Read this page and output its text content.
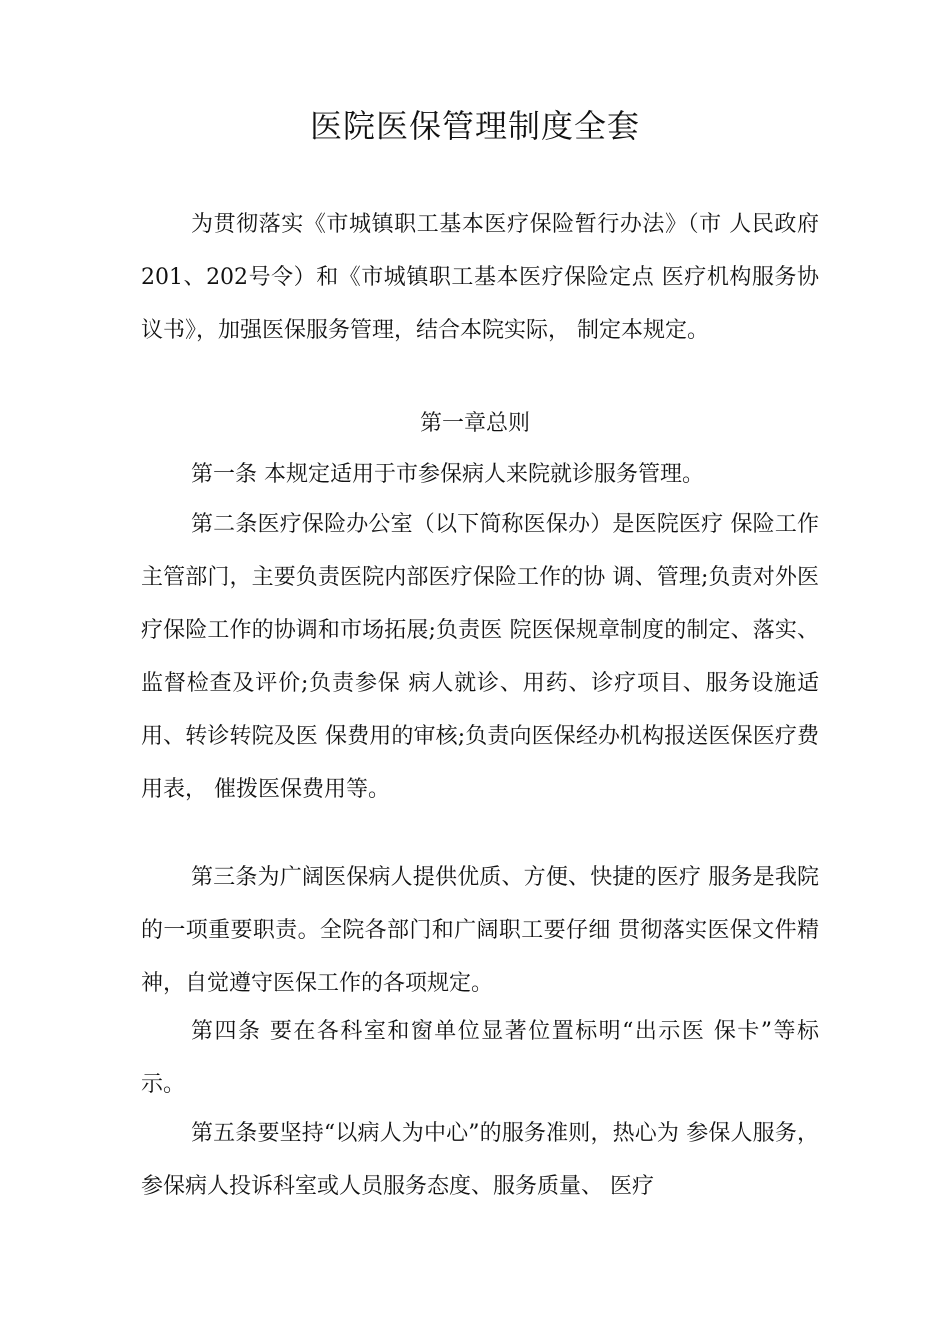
医院医保管理制度全套
为贯彻落实《市城镇职工基本医疗保险暂行办法》（市 人民政府201、202号令）和《市城镇职工基本医疗保险定点 医疗机构服务协议书》，加强医保服务管理，结合本院实际， 制定本规定。
第一章总则
第一条 本规定适用于市参保病人来院就诊服务管理。
第二条医疗保险办公室（以下简称医保办）是医院医疗 保险工作主管部门，主要负责医院内部医疗保险工作的协 调、管理;负责对外医疗保险工作的协调和市场拓展;负责医 院医保规章制度的制定、落实、监督检查及评价;负责参保 病人就诊、用药、诊疗项目、服务设施适用、转诊转院及医 保费用的审核;负责向医保经办机构报送医保医疗费用表， 催拨医保费用等。
第三条为广阔医保病人提供优质、方便、快捷的医疗 服务是我院的一项重要职责。全院各部门和广阔职工要仔细 贯彻落实医保文件精神，自觉遵守医保工作的各项规定。
第四条 要在各科室和窗单位显著位置标明“出示医 保卡”等标示。
第五条要坚持“以病人为中心”的服务准则，热心为 参保人服务，参保病人投诉科室或人员服务态度、服务质量、 医疗
